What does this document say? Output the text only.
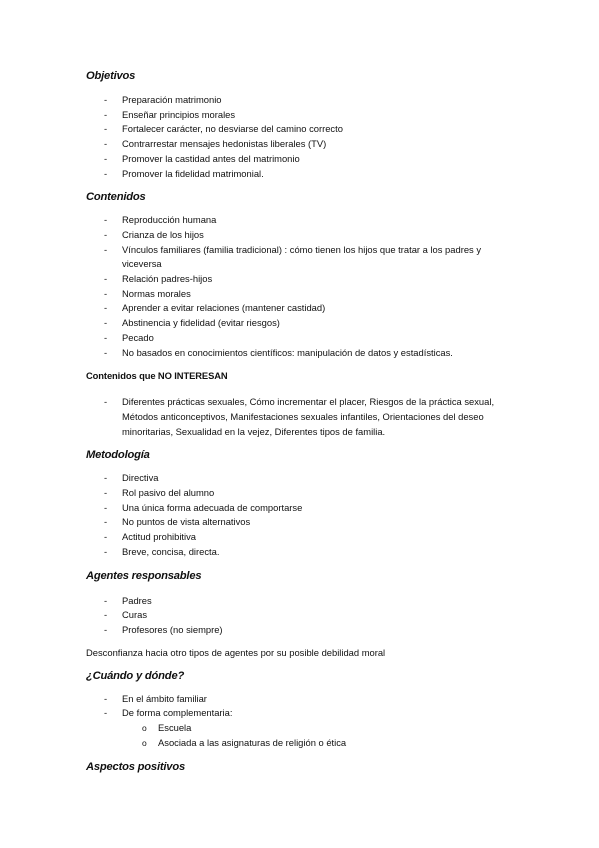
Objetivos
- Preparación matrimonio
- Enseñar principios morales
- Fortalecer carácter, no desviarse del camino correcto
- Contrarrestar mensajes hedonistas liberales (TV)
- Promover la castidad antes del matrimonio
- Promover la fidelidad matrimonial.
Contenidos
- Reproducción humana
- Crianza de los hijos
- Vínculos familiares (familia tradicional) : cómo tienen los hijos que tratar a los padres y viceversa
- Relación padres-hijos
- Normas morales
- Aprender a evitar relaciones (mantener castidad)
- Abstinencia y fidelidad (evitar riesgos)
- Pecado
- No basados en conocimientos científicos: manipulación de datos y estadísticas.

Contenidos que NO INTERESAN

- Diferentes prácticas sexuales, Cómo incrementar el placer, Riesgos de la práctica sexual, Métodos anticonceptivos, Manifestaciones sexuales infantiles, Orientaciones del deseo minoritarias, Sexualidad en la vejez, Diferentes tipos de familia.
Metodología
- Directiva
- Rol pasivo del alumno
- Una única forma adecuada de comportarse
- No puntos de vista alternativos
- Actitud prohibitiva
- Breve, concisa, directa.
Agentes responsables
- Padres
- Curas
- Profesores (no siempre)

Desconfianza hacia otro tipos de agentes por su posible debilidad moral

¿Cuándo y dónde?
- En el ámbito familiar
- De forma complementaria:
o Escuela
o Asociada a las asignaturas de religión o ética
Aspectos positivos
